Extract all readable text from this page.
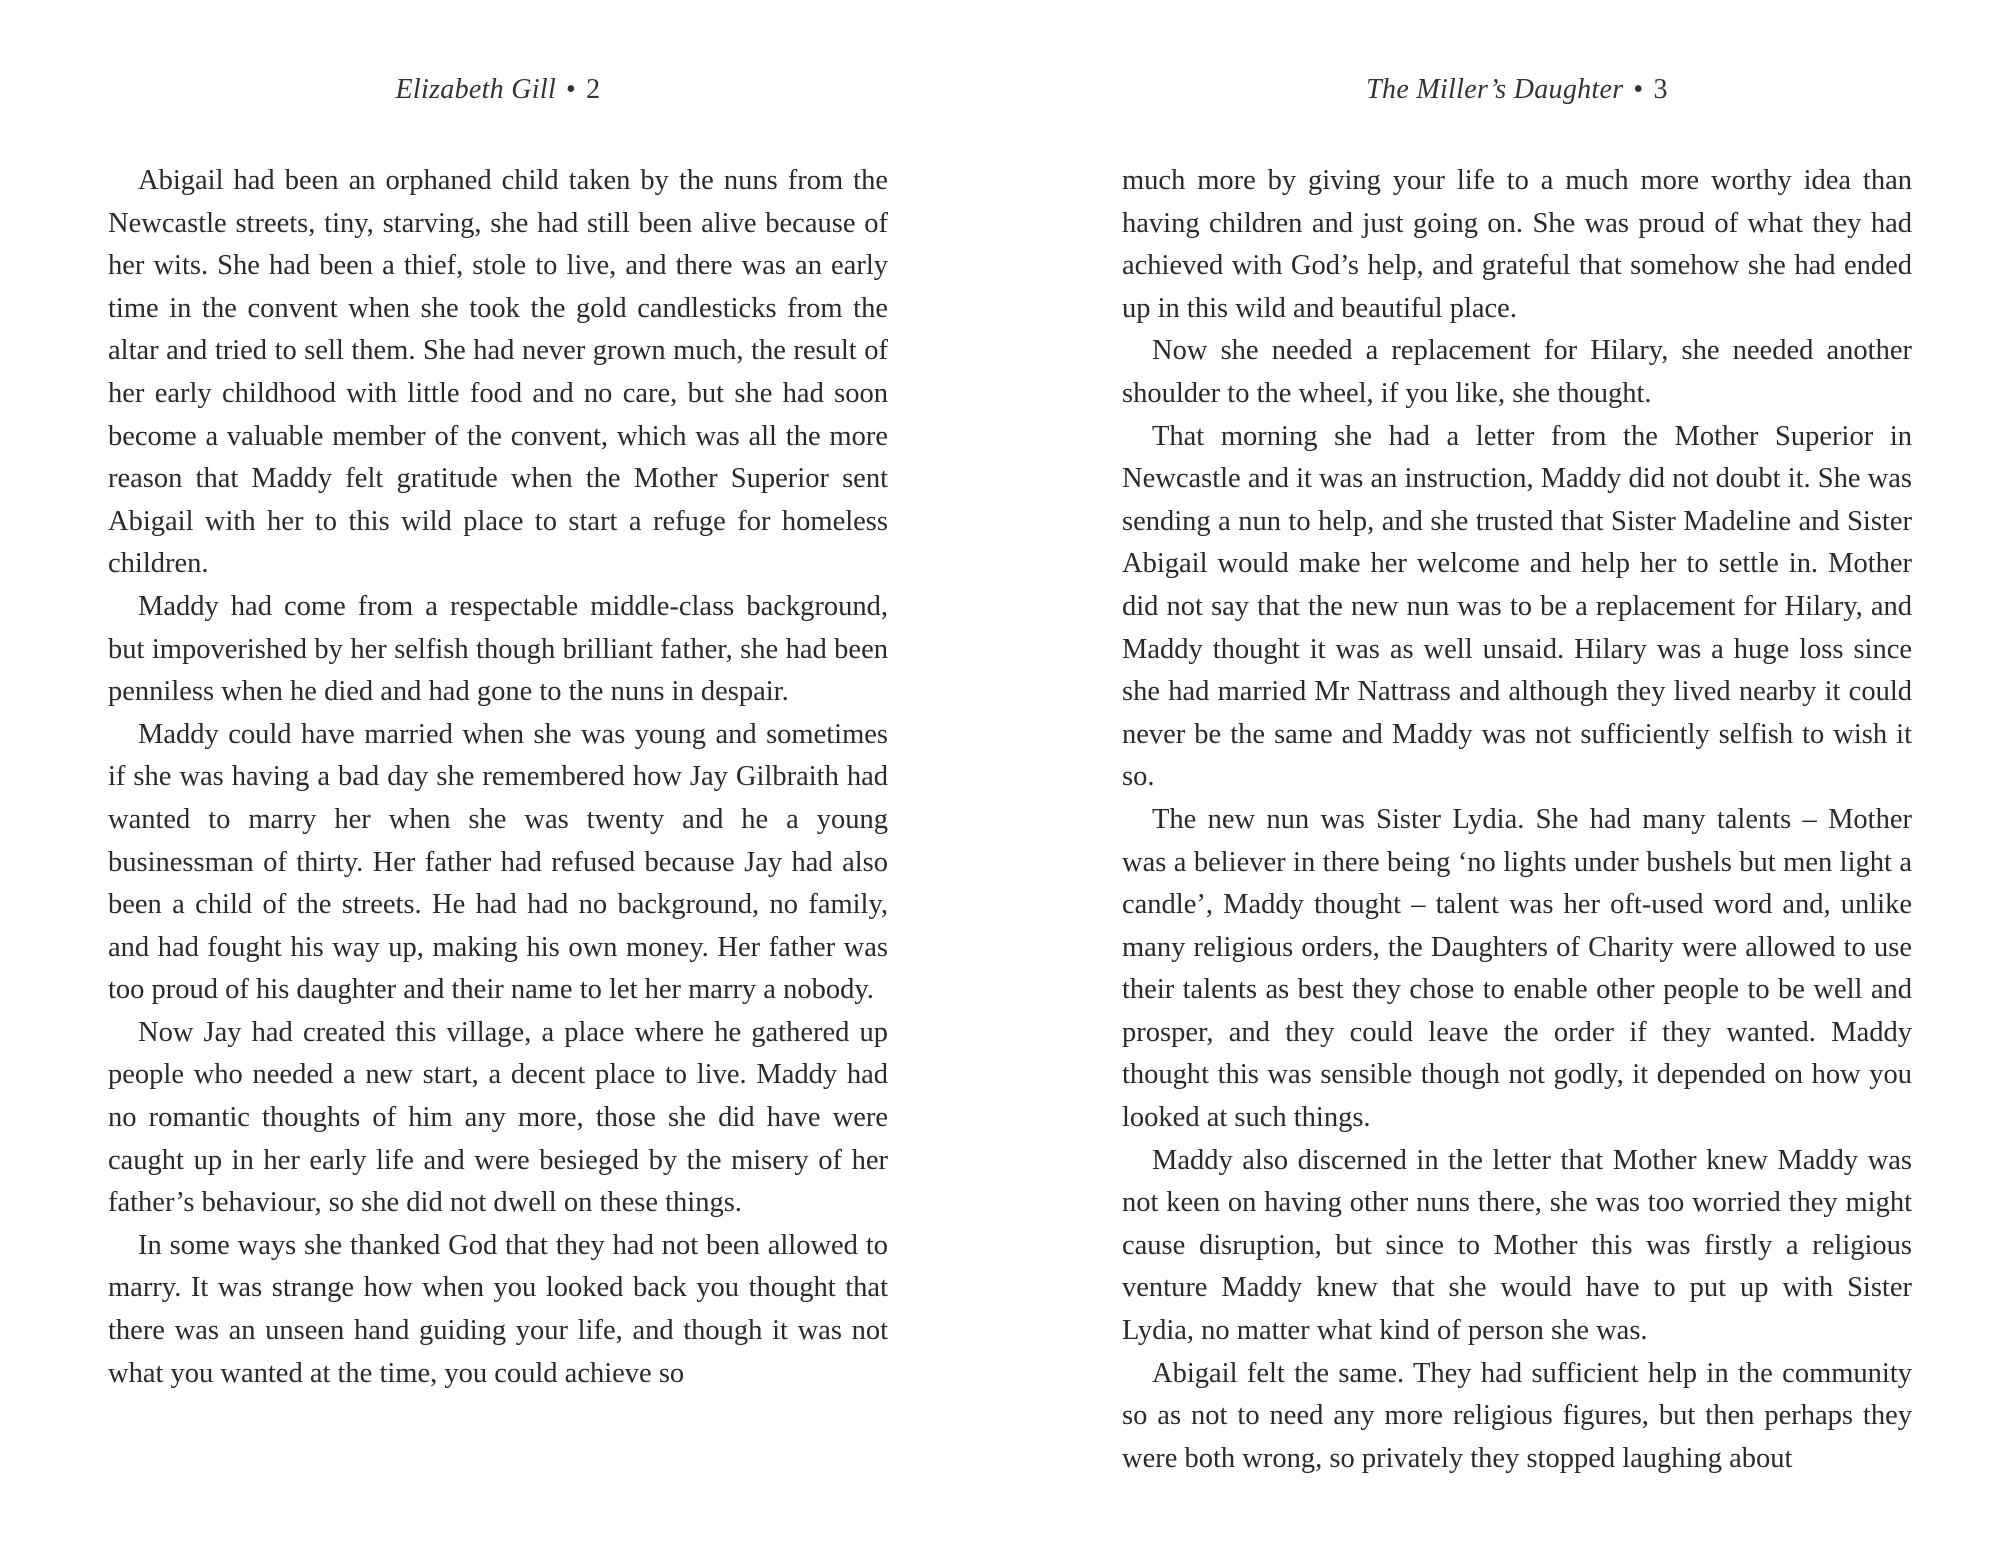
Elizabeth Gill • 2

Abigail had been an orphaned child taken by the nuns from the Newcastle streets, tiny, starving, she had still been alive because of her wits. She had been a thief, stole to live, and there was an early time in the convent when she took the gold candlesticks from the altar and tried to sell them. She had never grown much, the result of her early childhood with little food and no care, but she had soon become a valuable member of the convent, which was all the more reason that Maddy felt gratitude when the Mother Superior sent Abigail with her to this wild place to start a refuge for homeless children.

Maddy had come from a respectable middle-class background, but impoverished by her selfish though brilliant father, she had been penniless when he died and had gone to the nuns in despair.

Maddy could have married when she was young and sometimes if she was having a bad day she remembered how Jay Gilbraith had wanted to marry her when she was twenty and he a young businessman of thirty. Her father had refused because Jay had also been a child of the streets. He had had no background, no family, and had fought his way up, making his own money. Her father was too proud of his daughter and their name to let her marry a nobody.

Now Jay had created this village, a place where he gathered up people who needed a new start, a decent place to live. Maddy had no romantic thoughts of him any more, those she did have were caught up in her early life and were besieged by the misery of her father’s behaviour, so she did not dwell on these things.

In some ways she thanked God that they had not been allowed to marry. It was strange how when you looked back you thought that there was an unseen hand guiding your life, and though it was not what you wanted at the time, you could achieve so

The Miller’s Daughter • 3

much more by giving your life to a much more worthy idea than having children and just going on. She was proud of what they had achieved with God’s help, and grateful that somehow she had ended up in this wild and beautiful place.

Now she needed a replacement for Hilary, she needed another shoulder to the wheel, if you like, she thought.

That morning she had a letter from the Mother Superior in Newcastle and it was an instruction, Maddy did not doubt it. She was sending a nun to help, and she trusted that Sister Madeline and Sister Abigail would make her welcome and help her to settle in. Mother did not say that the new nun was to be a replacement for Hilary, and Maddy thought it was as well unsaid. Hilary was a huge loss since she had married Mr Nattrass and although they lived nearby it could never be the same and Maddy was not sufficiently selfish to wish it so.

The new nun was Sister Lydia. She had many talents – Mother was a believer in there being ‘no lights under bushels but men light a candle’, Maddy thought – talent was her oft-used word and, unlike many religious orders, the Daughters of Charity were allowed to use their talents as best they chose to enable other people to be well and prosper, and they could leave the order if they wanted. Maddy thought this was sensible though not godly, it depended on how you looked at such things.

Maddy also discerned in the letter that Mother knew Maddy was not keen on having other nuns there, she was too worried they might cause disruption, but since to Mother this was firstly a religious venture Maddy knew that she would have to put up with Sister Lydia, no matter what kind of person she was.

Abigail felt the same. They had sufficient help in the community so as not to need any more religious figures, but then perhaps they were both wrong, so privately they stopped laughing about
